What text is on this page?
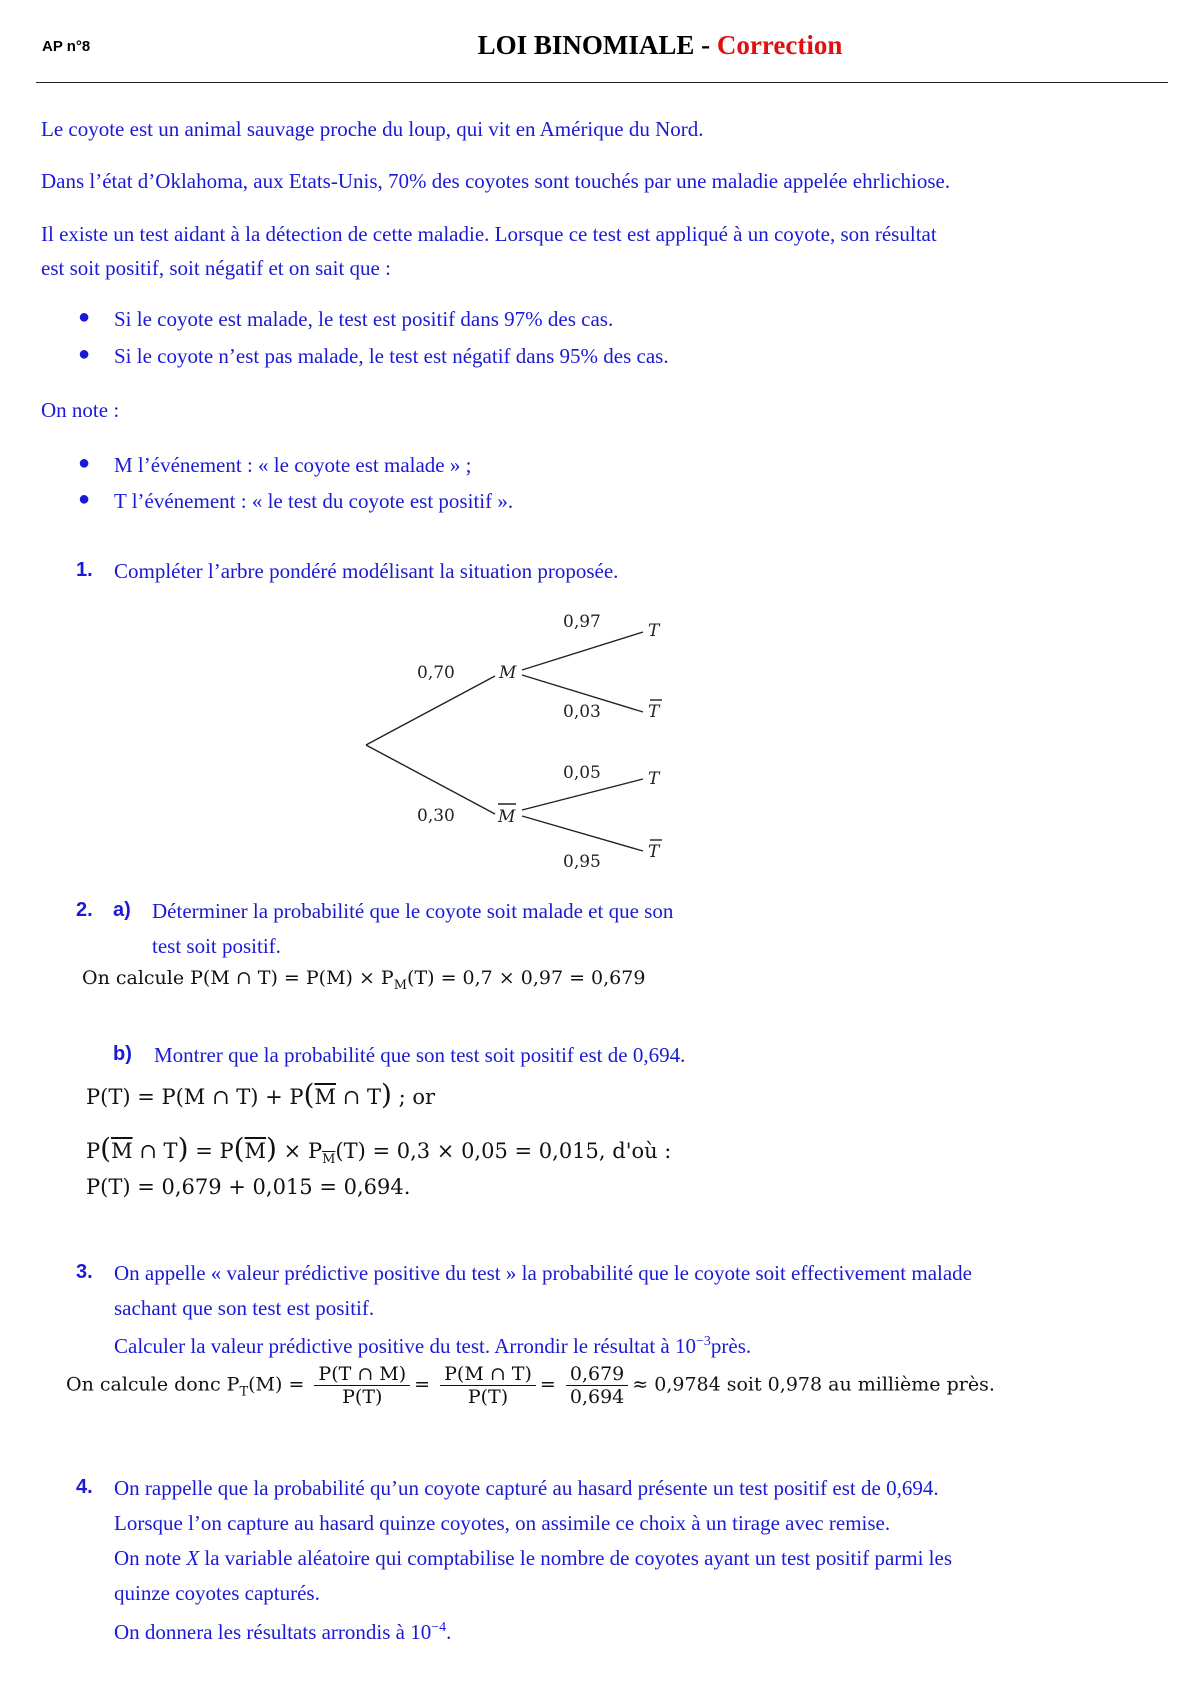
AP n°8	LOI BINOMIALE - Correction
Le coyote est un animal sauvage proche du loup, qui vit en Amérique du Nord.
Dans l’état d’Oklahoma, aux Etats-Unis, 70% des coyotes sont touchés par une maladie appelée ehrlichiose.
Il existe un test aidant à la détection de cette maladie. Lorsque ce test est appliqué à un coyote, son résultat
est soit positif, soit négatif et on sait que :
● Si le coyote est malade, le test est positif dans 97% des cas.
● Si le coyote n’est pas malade, le test est négatif dans 95% des cas.
On note :
● M l’événement : « le coyote est malade » ;
● T l’événement : « le test du coyote est positif ».
1. Compléter l’arbre pondéré modélisant la situation proposée.
0,70
0,30
M
M
0,97
0,03
0,05
0,95
T
T
T
T
2. a) Déterminer la probabilité que le coyote soit malade et que son
test soit positif.
On calcule P(M ∩ $T) = P(M) \times P_M(T) = 0,7 \times 0,97 = 0,679$
b) Montrer que la probabilité que son test soit positif est de 0,694.
P(T) = P(M ∩ $T) + P(\overline{M}$ ∩ T) ; or
$P(\overline{M}$ ∩ $T) = P(\overline{M}) \times P_{\overline{M}}(T) = 0,3 \times 0,05 = 0,015$, d'où :
P(T) = 0,679 + 0,015 = 0,694.
3. On appelle « valeur prédictive positive du test » la probabilité que le coyote soit effectivement malade
sachant que son test est positif.
Calculer la valeur prédictive positive du test. Arrondir le résultat à $10^{-3}près$.
On calcule donc $P_T(M) = \frac{P(T \cap M)}{P(T)} = \frac{P(M \cap T)}{P(T)} = \frac{0,679}{0,694} \approx 0,9784$ soit 0,978 au millième près.
4. On rappelle que la probabilité qu’un coyote capturé au hasard présente un test positif est de 0,694.
Lorsque l’on capture au hasard quinze coyotes, on assimile ce choix à un tirage avec remise.
On note X la variable aléatoire qui comptabilise le nombre de coyotes ayant un test positif parmi les
quinze coyotes capturés.
On donnera les résultats arrondis à $10^{-4}$.
